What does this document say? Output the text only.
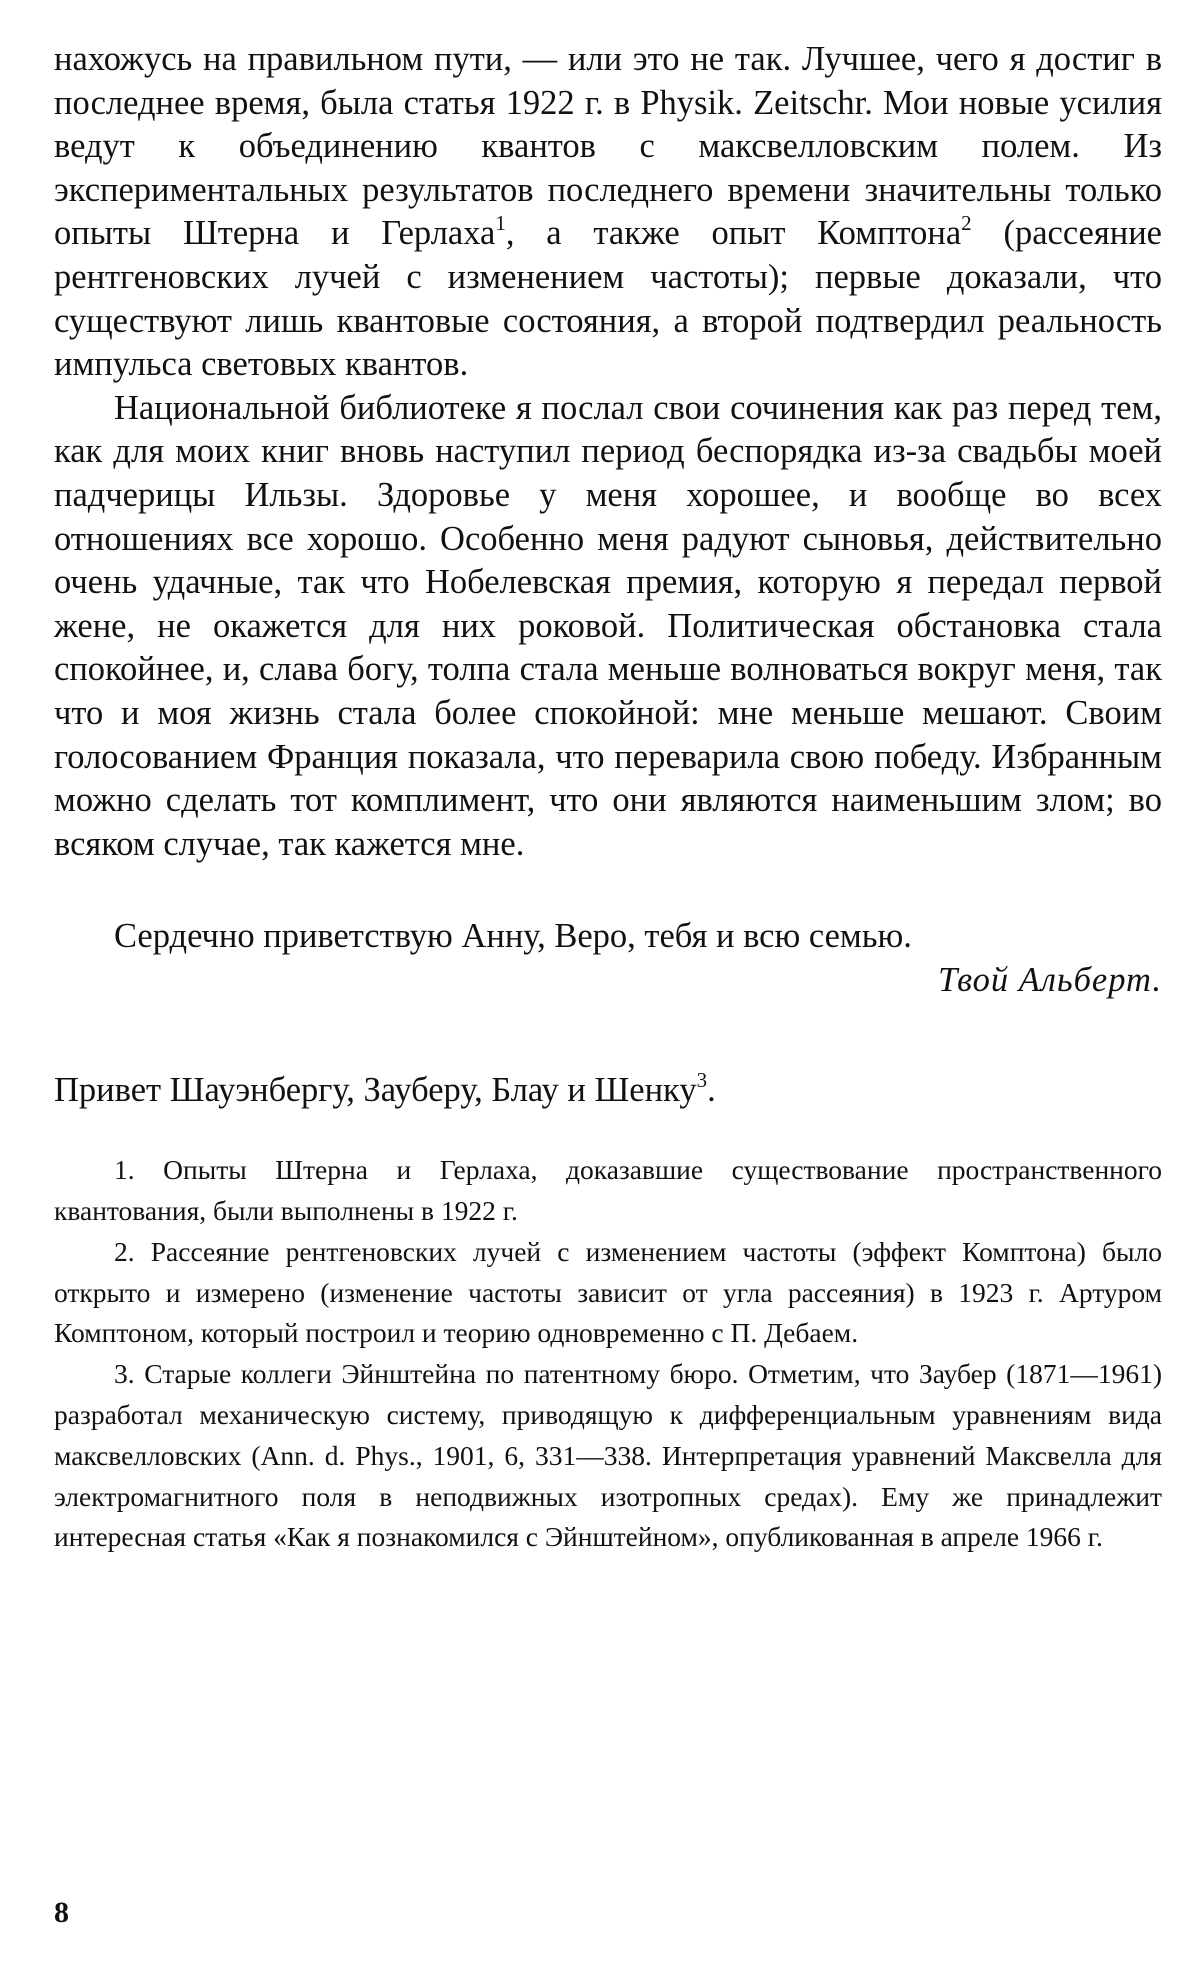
нахожусь на правильном пути, — или это не так. Лучшее, чего я достиг в последнее время, была статья 1922 г. в Physik. Zeitschr. Мои новые усилия ведут к объединению квантов с максвелловским полем. Из экспериментальных результатов последнего времени значительны только опыты Штерна и Герлаха$^1$, а также опыт Комптона$^2$ (рассеяние рентгеновских лучей с изменением частоты); первые доказали, что существуют лишь квантовые состояния, а второй подтвердил реальность импульса световых квантов.

Национальной библиотеке я послал свои сочинения как раз перед тем, как для моих книг вновь наступил период беспорядка из-за свадьбы моей падчерицы Ильзы. Здоровье у меня хорошее, и вообще во всех отношениях все хорошо. Особенно меня радуют сыновья, действительно очень удачные, так что Нобелевская премия, которую я передал первой жене, не окажется для них роковой. Политическая обстановка стала спокойнее, и, слава богу, толпа стала меньше волноваться вокруг меня, так что и моя жизнь стала более спокойной: мне меньше мешают. Своим голосованием Франция показала, что переварила свою победу. Избранным можно сделать тот комплимент, что они являются наименьшим злом; во всяком случае, так кажется мне.

Сердечно приветствую Анну, Веро, тебя и всю семью.
Твой Альберт.
Привет Шауэнбергу, Зауберу, Блау и Шенку$^3$.

1. Опыты Штерна и Герлаха, доказавшие существование пространственного квантования, были выполнены в 1922 г.

2. Рассеяние рентгеновских лучей с изменением частоты (эффект Комптона) было открыто и измерено (изменение частоты зависит от угла рассеяния) в 1923 г. Артуром Комптоном, который построил и теорию одновременно с П. Дебаем.

3. Старые коллеги Эйнштейна по патентному бюро. Отметим, что Заубер (1871—1961) разработал механическую систему, приводящую к дифференциальным уравнениям вида максвелловских (Ann. d. Phys., 1901, 6, 331—338. Интерпретация уравнений Максвелла для электромагнитного поля в неподвижных изотропных средах). Ему же принадлежит интересная статья «Как я познакомился с Эйнштейном», опубликованная в апреле 1966 г.

8
